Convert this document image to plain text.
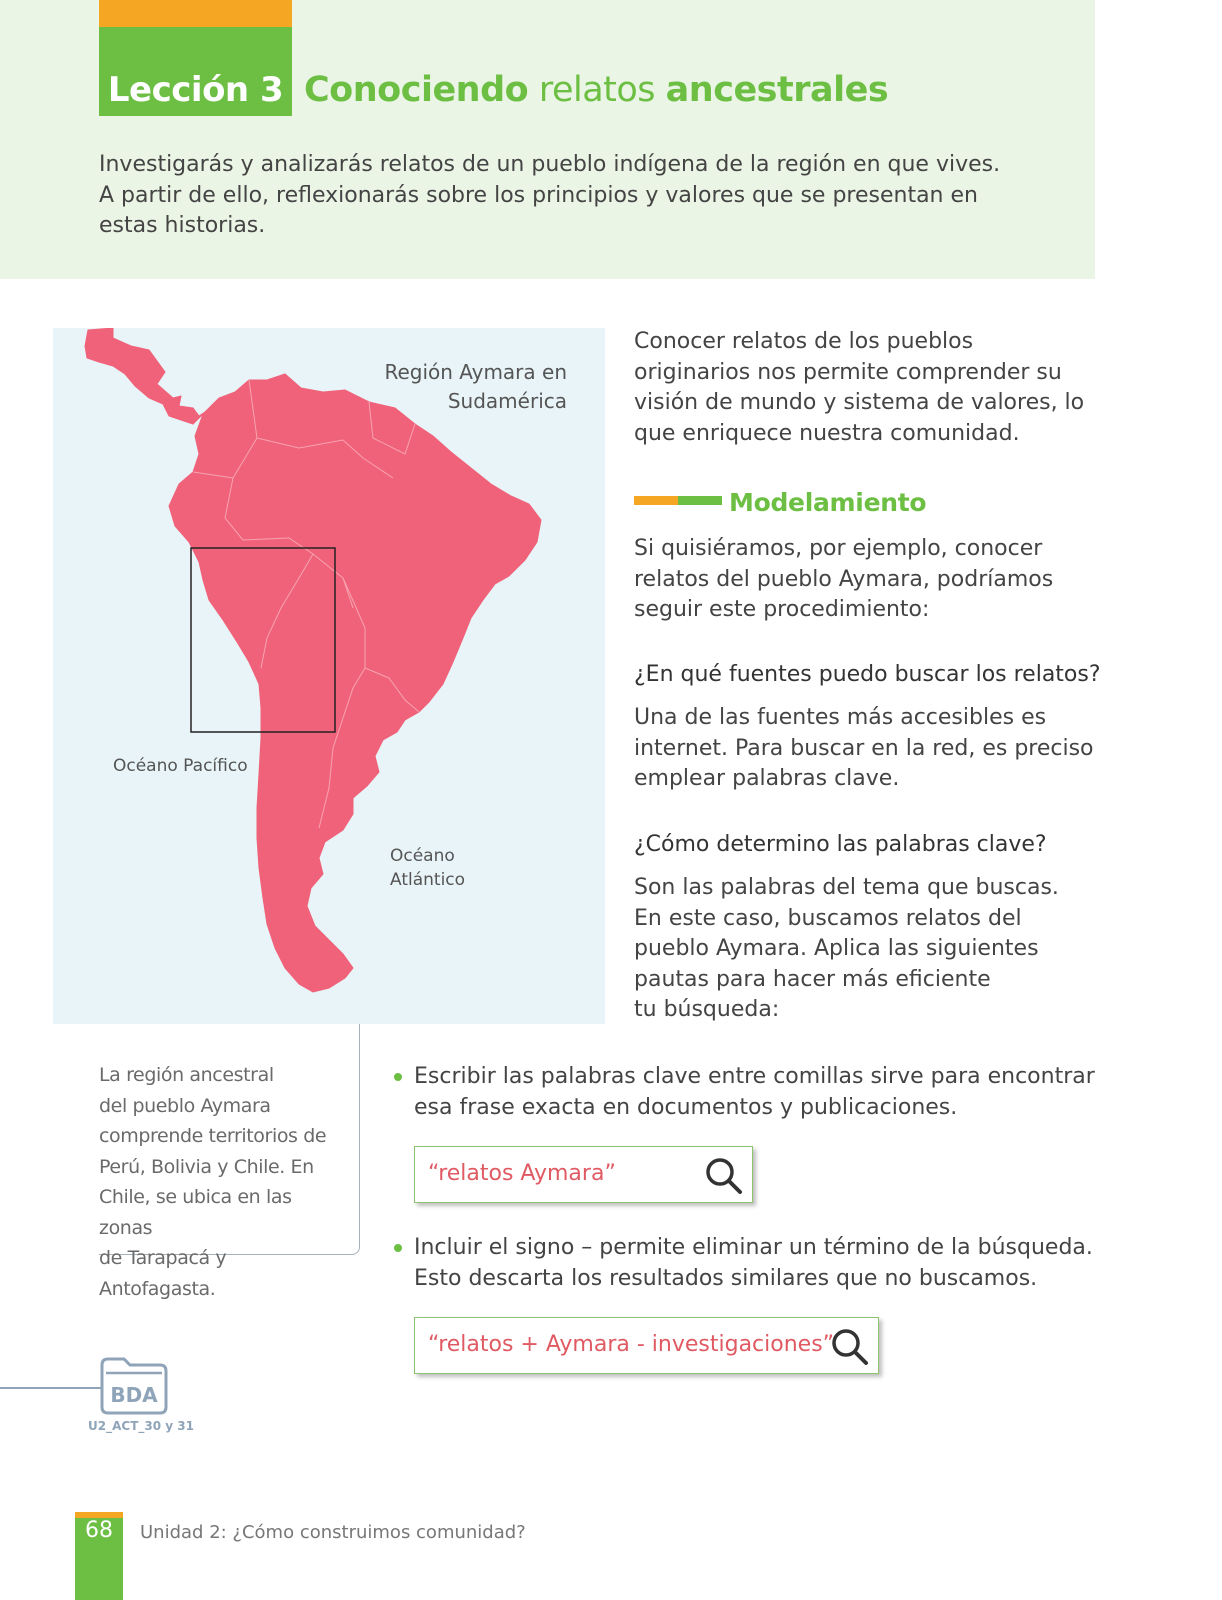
Lección 3 Conociendo relatos ancestrales
Investigarás y analizarás relatos de un pueblo indígena de la región en que vives.
A partir de ello, reflexionarás sobre los principios y valores que se presentan en
estas historias.
Región Aymara en
Sudamérica
Océano Pacífico
Océano
Atlántico
La región ancestral
del pueblo Aymara
comprende territorios de
Perú, Bolivia y Chile. En
Chile, se ubica en las zonas
de Tarapacá y Antofagasta.
Conocer relatos de los pueblos
originarios nos permite comprender su
visión de mundo y sistema de valores, lo
que enriquece nuestra comunidad.
Modelamiento
Si quisiéramos, por ejemplo, conocer
relatos del pueblo Aymara, podríamos
seguir este procedimiento:
¿En qué fuentes puedo buscar los relatos?
Una de las fuentes más accesibles es
internet. Para buscar en la red, es preciso
emplear palabras clave.
¿Cómo determino las palabras clave?
Son las palabras del tema que buscas.
En este caso, buscamos relatos del
pueblo Aymara. Aplica las siguientes
pautas para hacer más eficiente
tu búsqueda:
Escribir las palabras clave entre comillas sirve para encontrar
esa frase exacta en documentos y publicaciones.
“relatos Aymara”
Incluir el signo – permite eliminar un término de la búsqueda.
Esto descarta los resultados similares que no buscamos.
“relatos + Aymara - investigaciones”
BDA
U2_ACT_30 y 31
68	Unidad 2: ¿Cómo construimos comunidad?
